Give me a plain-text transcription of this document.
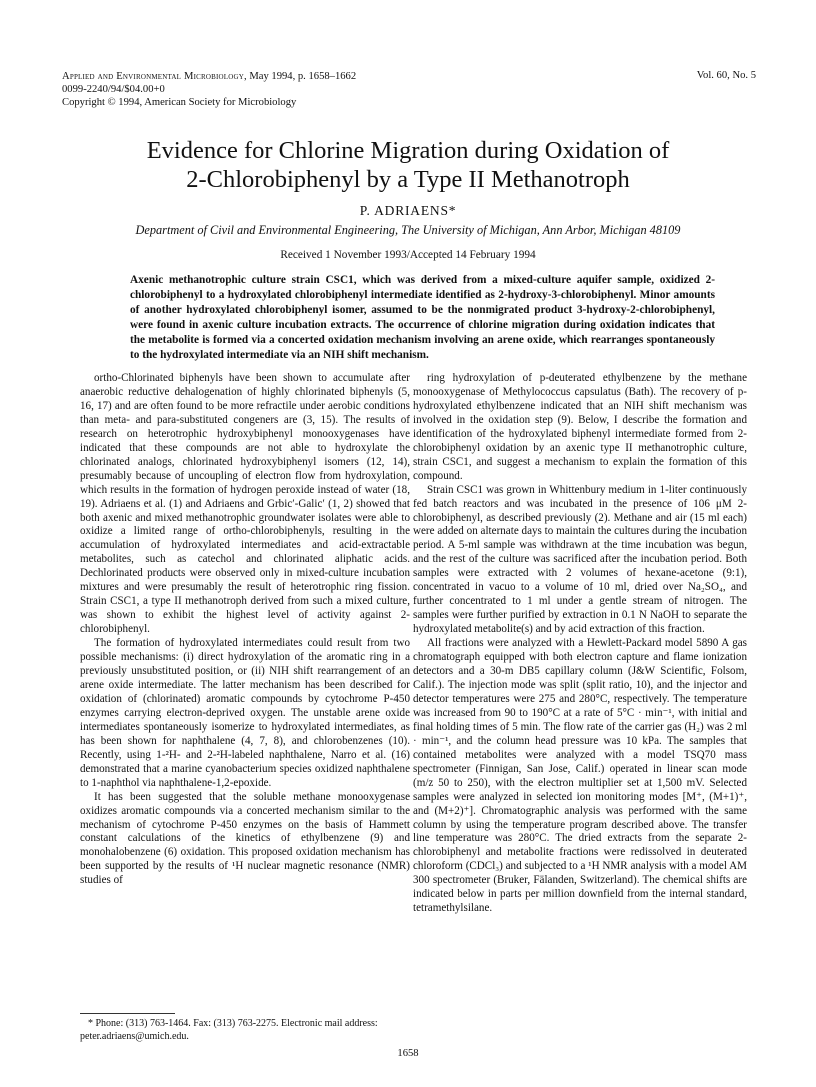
Applied and Environmental Microbiology, May 1994, p. 1658–1662
0099-2240/94/$04.00+0
Copyright © 1994, American Society for Microbiology
Vol. 60, No. 5
Evidence for Chlorine Migration during Oxidation of
2-Chlorobiphenyl by a Type II Methanotroph
P. ADRIAENS*
Department of Civil and Environmental Engineering, The University of Michigan, Ann Arbor, Michigan 48109
Received 1 November 1993/Accepted 14 February 1994
Axenic methanotrophic culture strain CSC1, which was derived from a mixed-culture aquifer sample, oxidized 2-chlorobiphenyl to a hydroxylated chlorobiphenyl intermediate identified as 2-hydroxy-3-chlorobiphenyl. Minor amounts of another hydroxylated chlorobiphenyl isomer, assumed to be the nonmigrated product 3-hydroxy-2-chlorobiphenyl, were found in axenic culture incubation extracts. The occurrence of chlorine migration during oxidation indicates that the metabolite is formed via a concerted oxidation mechanism involving an arene oxide, which rearranges spontaneously to the hydroxylated intermediate via an NIH shift mechanism.

ortho-Chlorinated biphenyls have been shown to accumulate after anaerobic reductive dehalogenation of highly chlorinated biphenyls (5, 16, 17) and are often found to be more refractile under aerobic conditions than meta- and para-substituted congeners are (3, 15). The results of research on heterotrophic hydroxybiphenyl monooxygenases have indicated that these compounds are not able to hydroxylate the chlorinated analogs, chlorinated hydroxybiphenyl isomers (12, 14), presumably because of uncoupling of electron flow from hydroxylation, which results in the formation of hydrogen peroxide instead of water (18, 19). Adriaens et al. (1) and Adriaens and Grbic′-Galic′ (1, 2) showed that both axenic and mixed methanotrophic groundwater isolates were able to oxidize a limited range of ortho-chlorobiphenyls, resulting in the accumulation of hydroxylated intermediates and acid-extractable metabolites, such as catechol and chlorinated aliphatic acids. Dechlorinated products were observed only in mixed-culture incubation mixtures and were presumably the result of heterotrophic ring fission. Strain CSC1, a type II methanotroph derived from such a mixed culture, was shown to exhibit the highest level of activity against 2-chlorobiphenyl.

The formation of hydroxylated intermediates could result from two possible mechanisms: (i) direct hydroxylation of the aromatic ring in a previously unsubstituted position, or (ii) NIH shift rearrangement of an arene oxide intermediate. The latter mechanism has been described for oxidation of (chlorinated) aromatic compounds by cytochrome P-450 enzymes carrying electron-deprived oxygen. The unstable arene oxide intermediates spontaneously isomerize to hydroxylated intermediates, as has been shown for naphthalene (4, 7, 8), and chlorobenzenes (10). Recently, using 1-²H- and 2-²H-labeled naphthalene, Narro et al. (16) demonstrated that a marine cyanobacterium species oxidized naphthalene to 1-naphthol via naphthalene-1,2-epoxide.

It has been suggested that the soluble methane monooxygenase oxidizes aromatic compounds via a concerted mechanism similar to the mechanism of cytochrome P-450 enzymes on the basis of Hammett constant calculations of the kinetics of ethylbenzene (9) and monohalobenzene (6) oxidation. This proposed oxidation mechanism has been supported by the results of ¹H nuclear magnetic resonance (NMR) studies of

ring hydroxylation of p-deuterated ethylbenzene by the methane monooxygenase of Methylococcus capsulatus (Bath). The recovery of p-hydroxylated ethylbenzene indicated that an NIH shift mechanism was involved in the oxidation step (9). Below, I describe the formation and identification of the hydroxylated biphenyl intermediate formed from 2-chlorobiphenyl oxidation by an axenic type II methanotrophic culture, strain CSC1, and suggest a mechanism to explain the formation of this compound.

Strain CSC1 was grown in Whittenbury medium in 1-liter continuously fed batch reactors and was incubated in the presence of 106 μM 2-chlorobiphenyl, as described previously (2). Methane and air (15 ml each) were added on alternate days to maintain the cultures during the incubation period. A 5-ml sample was withdrawn at the time incubation was begun, and the rest of the culture was sacrificed after the incubation period. Both samples were extracted with 2 volumes of hexane-acetone (9:1), concentrated in vacuo to a volume of 10 ml, dried over Na₂SO₄, and further concentrated to 1 ml under a gentle stream of nitrogen. The samples were further purified by extraction in 0.1 N NaOH to separate the hydroxylated metabolite(s) and by acid extraction of this fraction.

All fractions were analyzed with a Hewlett-Packard model 5890 A gas chromatograph equipped with both electron capture and flame ionization detectors and a 30-m DB5 capillary column (J&W Scientific, Folsom, Calif.). The injection mode was split (split ratio, 10), and the injector and detector temperatures were 275 and 280°C, respectively. The temperature was increased from 90 to 190°C at a rate of 5°C · min⁻¹, with initial and final holding times of 5 min. The flow rate of the carrier gas (H₂) was 2 ml · min⁻¹, and the column head pressure was 10 kPa. The samples that contained metabolites were analyzed with a model TSQ70 mass spectrometer (Finnigan, San Jose, Calif.) operated in linear scan mode (m/z 50 to 250), with the electron multiplier set at 1,500 mV. Selected samples were analyzed in selected ion monitoring modes [M⁺, (M+1)⁺, and (M+2)⁺]. Chromatographic analysis was performed with the same column by using the temperature program described above. The transfer line temperature was 280°C. The dried extracts from the separate 2-chlorobiphenyl and metabolite fractions were redissolved in deuterated chloroform (CDCl₃) and subjected to a ¹H NMR analysis with a model AM 300 spectrometer (Bruker, Fälanden, Switzerland). The chemical shifts are indicated below in parts per million downfield from the internal standard, tetramethylsilane.

* Phone: (313) 763-1464. Fax: (313) 763-2275. Electronic mail address: peter.adriaens@umich.edu.

1658
